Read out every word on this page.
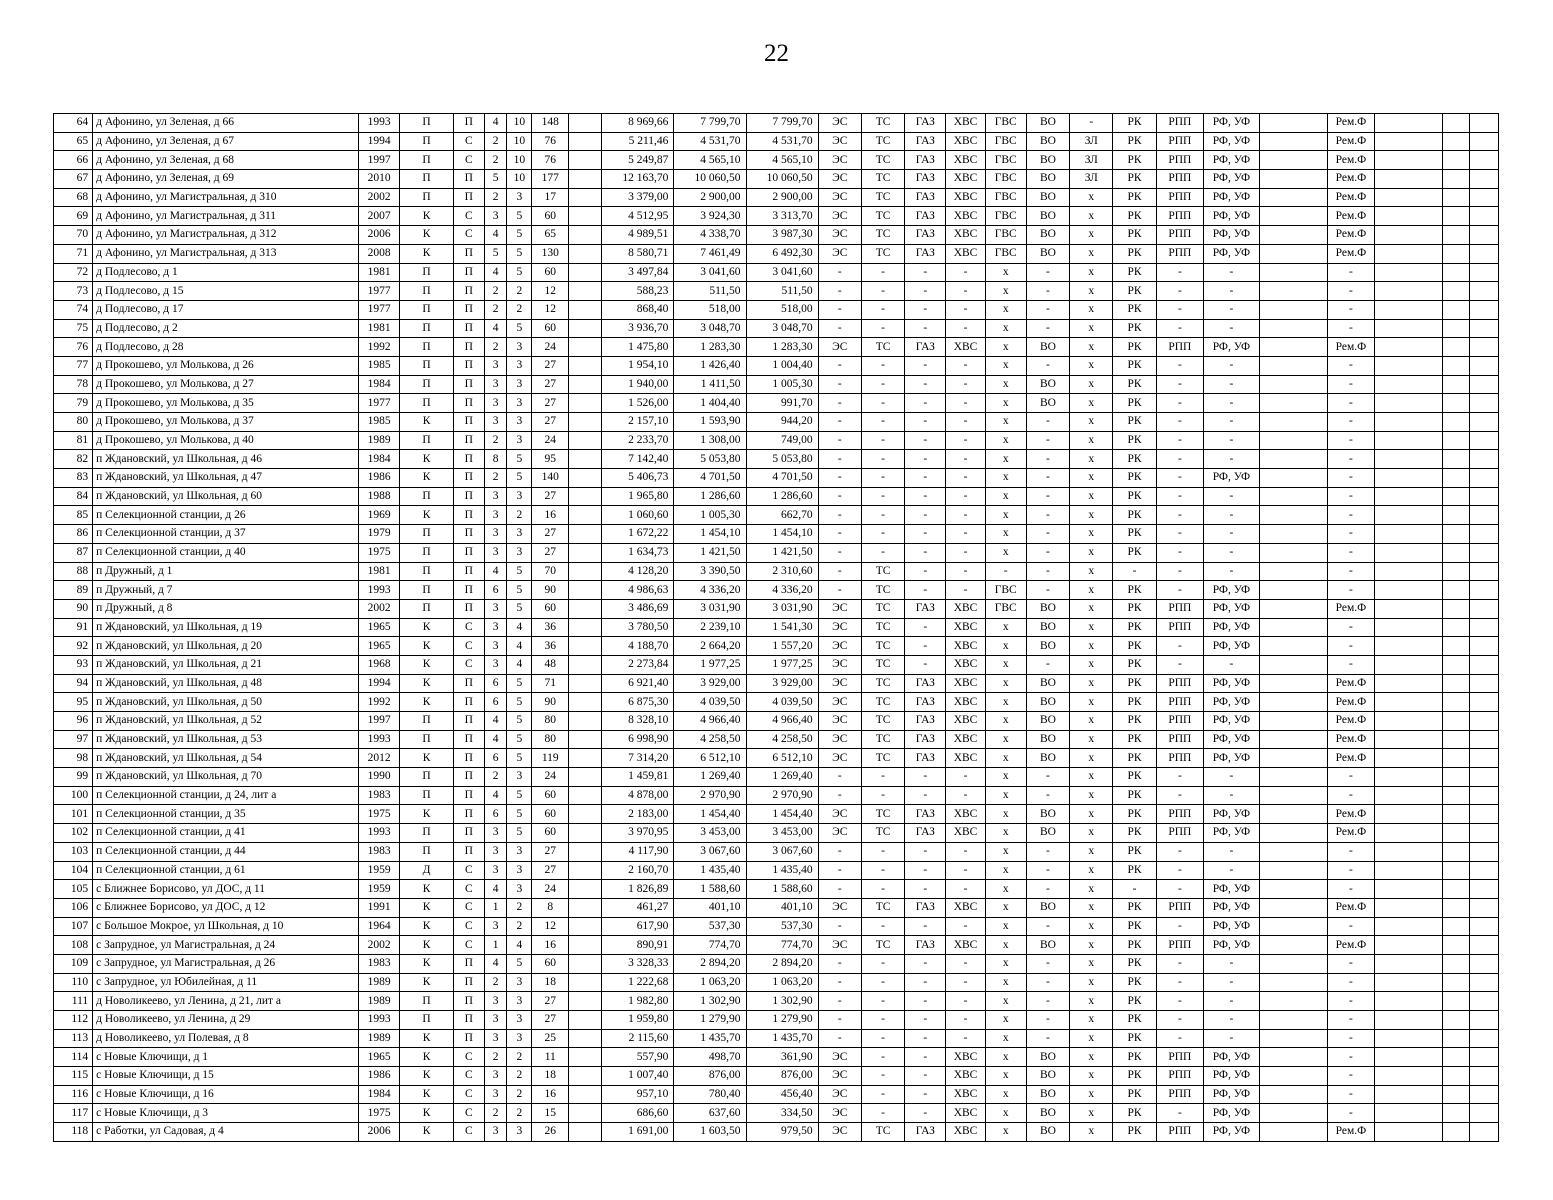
22
64	д Афонино, ул Зеленая, д 66	1993	П	П	4	10	148		8 969,66	7 799,70	7 799,70	ЭС	ТС	ГАЗ	ХВС	ГВС	ВО	-	РК	РПП	РФ, УФ		Рем.Ф			
65	д Афонино, ул Зеленая, д 67	1994	П	С	2	10	76		5 211,46	4 531,70	4 531,70	ЭС	ТС	ГАЗ	ХВС	ГВС	ВО	ЗЛ	РК	РПП	РФ, УФ		Рем.Ф			
66	д Афонино, ул Зеленая, д 68	1997	П	С	2	10	76		5 249,87	4 565,10	4 565,10	ЭС	ТС	ГАЗ	ХВС	ГВС	ВО	ЗЛ	РК	РПП	РФ, УФ		Рем.Ф			
67	д Афонино, ул Зеленая, д 69	2010	П	П	5	10	177		12 163,70	10 060,50	10 060,50	ЭС	ТС	ГАЗ	ХВС	ГВС	ВО	ЗЛ	РК	РПП	РФ, УФ		Рем.Ф			
68	д Афонино, ул Магистральная, д 310	2002	П	П	2	3	17		3 379,00	2 900,00	2 900,00	ЭС	ТС	ГАЗ	ХВС	ГВС	ВО	х	РК	РПП	РФ, УФ		Рем.Ф			
69	д Афонино, ул Магистральная, д 311	2007	К	С	3	5	60		4 512,95	3 924,30	3 313,70	ЭС	ТС	ГАЗ	ХВС	ГВС	ВО	х	РК	РПП	РФ, УФ		Рем.Ф			
70	д Афонино, ул Магистральная, д 312	2006	К	С	4	5	65		4 989,51	4 338,70	3 987,30	ЭС	ТС	ГАЗ	ХВС	ГВС	ВО	х	РК	РПП	РФ, УФ		Рем.Ф			
71	д Афонино, ул Магистральная, д 313	2008	К	П	5	5	130		8 580,71	7 461,49	6 492,30	ЭС	ТС	ГАЗ	ХВС	ГВС	ВО	х	РК	РПП	РФ, УФ		Рем.Ф			
72	д Подлесово, д 1	1981	П	П	4	5	60		3 497,84	3 041,60	3 041,60	-	-	-	-	х	-	х	РК	-	-		-			
73	д Подлесово, д 15	1977	П	П	2	2	12		588,23	511,50	511,50	-	-	-	-	х	-	х	РК	-	-		-			
74	д Подлесово, д 17	1977	П	П	2	2	12		868,40	518,00	518,00	-	-	-	-	х	-	х	РК	-	-		-			
75	д Подлесово, д 2	1981	П	П	4	5	60		3 936,70	3 048,70	3 048,70	-	-	-	-	х	-	х	РК	-	-		-			
76	д Подлесово, д 28	1992	П	П	2	3	24		1 475,80	1 283,30	1 283,30	ЭС	ТС	ГАЗ	ХВС	х	ВО	х	РК	РПП	РФ, УФ		Рем.Ф			
77	д Прокошево, ул Молькова, д 26	1985	П	П	3	3	27		1 954,10	1 426,40	1 004,40	-	-	-	-	х	-	х	РК	-	-		-			
78	д Прокошево, ул Молькова, д 27	1984	П	П	3	3	27		1 940,00	1 411,50	1 005,30	-	-	-	-	х	ВО	х	РК	-	-		-			
79	д Прокошево, ул Молькова, д 35	1977	П	П	3	3	27		1 526,00	1 404,40	991,70	-	-	-	-	х	ВО	х	РК	-	-		-			
80	д Прокошево, ул Молькова, д 37	1985	К	П	3	3	27		2 157,10	1 593,90	944,20	-	-	-	-	х	-	х	РК	-	-		-			
81	д Прокошево, ул Молькова, д 40	1989	П	П	2	3	24		2 233,70	1 308,00	749,00	-	-	-	-	х	-	х	РК	-	-		-			
82	п Ждановский, ул Школьная, д 46	1984	К	П	8	5	95		7 142,40	5 053,80	5 053,80	-	-	-	-	х	-	х	РК	-	-		-			
83	п Ждановский, ул Школьная, д 47	1986	К	П	2	5	140		5 406,73	4 701,50	4 701,50	-	-	-	-	х	-	х	РК	-	РФ, УФ		-			
84	п Ждановский, ул Школьная, д 60	1988	П	П	3	3	27		1 965,80	1 286,60	1 286,60	-	-	-	-	х	-	х	РК	-	-		-			
85	п Селекционной станции, д 26	1969	К	П	3	2	16		1 060,60	1 005,30	662,70	-	-	-	-	х	-	х	РК	-	-		-			
86	п Селекционной станции, д 37	1979	П	П	3	3	27		1 672,22	1 454,10	1 454,10	-	-	-	-	х	-	х	РК	-	-		-			
87	п Селекционной станции, д 40	1975	П	П	3	3	27		1 634,73	1 421,50	1 421,50	-	-	-	-	х	-	х	РК	-	-		-			
88	п Дружный, д 1	1981	П	П	4	5	70		4 128,20	3 390,50	2 310,60	-	ТС	-	-	-	-	х	-	-	-		-			
89	п Дружный, д 7	1993	П	П	6	5	90		4 986,63	4 336,20	4 336,20	-	ТС	-	-	ГВС	-	х	РК	-	РФ, УФ		-			
90	п Дружный, д 8	2002	П	П	3	5	60		3 486,69	3 031,90	3 031,90	ЭС	ТС	ГАЗ	ХВС	ГВС	ВО	х	РК	РПП	РФ, УФ		Рем.Ф			
91	п Ждановский, ул Школьная, д 19	1965	К	С	3	4	36		3 780,50	2 239,10	1 541,30	ЭС	ТС	-	ХВС	х	ВО	х	РК	РПП	РФ, УФ		-			
92	п Ждановский, ул Школьная, д 20	1965	К	С	3	4	36		4 188,70	2 664,20	1 557,20	ЭС	ТС	-	ХВС	х	ВО	х	РК	-	РФ, УФ		-			
93	п Ждановский, ул Школьная, д 21	1968	К	С	3	4	48		2 273,84	1 977,25	1 977,25	ЭС	ТС	-	ХВС	х	-	х	РК	-	-		-			
94	п Ждановский, ул Школьная, д 48	1994	К	П	6	5	71		6 921,40	3 929,00	3 929,00	ЭС	ТС	ГАЗ	ХВС	х	ВО	х	РК	РПП	РФ, УФ		Рем.Ф			
95	п Ждановский, ул Школьная, д 50	1992	К	П	6	5	90		6 875,30	4 039,50	4 039,50	ЭС	ТС	ГАЗ	ХВС	х	ВО	х	РК	РПП	РФ, УФ		Рем.Ф			
96	п Ждановский, ул Школьная, д 52	1997	П	П	4	5	80		8 328,10	4 966,40	4 966,40	ЭС	ТС	ГАЗ	ХВС	х	ВО	х	РК	РПП	РФ, УФ		Рем.Ф			
97	п Ждановский, ул Школьная, д 53	1993	П	П	4	5	80		6 998,90	4 258,50	4 258,50	ЭС	ТС	ГАЗ	ХВС	х	ВО	х	РК	РПП	РФ, УФ		Рем.Ф			
98	п Ждановский, ул Школьная, д 54	2012	К	П	6	5	119		7 314,20	6 512,10	6 512,10	ЭС	ТС	ГАЗ	ХВС	х	ВО	х	РК	РПП	РФ, УФ		Рем.Ф			
99	п Ждановский, ул Школьная, д 70	1990	П	П	2	3	24		1 459,81	1 269,40	1 269,40	-	-	-	-	х	-	х	РК	-	-		-			
100	п Селекционной станции, д 24, лит а	1983	П	П	4	5	60		4 878,00	2 970,90	2 970,90	-	-	-	-	х	-	х	РК	-	-		-			
101	п Селекционной станции, д 35	1975	К	П	6	5	60		2 183,00	1 454,40	1 454,40	ЭС	ТС	ГАЗ	ХВС	х	ВО	х	РК	РПП	РФ, УФ		Рем.Ф			
102	п Селекционной станции, д 41	1993	П	П	3	5	60		3 970,95	3 453,00	3 453,00	ЭС	ТС	ГАЗ	ХВС	х	ВО	х	РК	РПП	РФ, УФ		Рем.Ф			
103	п Селекционной станции, д 44	1983	П	П	3	3	27		4 117,90	3 067,60	3 067,60	-	-	-	-	х	-	х	РК	-	-		-			
104	п Селекционной станции, д 61	1959	Д	С	3	3	27		2 160,70	1 435,40	1 435,40	-	-	-	-	х	-	х	РК	-	-		-			
105	с Ближнее Борисово, ул ДОС, д 11	1959	К	С	4	3	24		1 826,89	1 588,60	1 588,60	-	-	-	-	х	-	х	-	-	РФ, УФ		-			
106	с Ближнее Борисово, ул ДОС, д 12	1991	К	С	1	2	8		461,27	401,10	401,10	ЭС	ТС	ГАЗ	ХВС	х	ВО	х	РК	РПП	РФ, УФ		Рем.Ф			
107	с Большое Мокрое, ул Школьная, д 10	1964	К	С	3	2	12		617,90	537,30	537,30	-	-	-	-	х	-	х	РК	-	РФ, УФ		-			
108	с Запрудное, ул Магистральная, д 24	2002	К	С	1	4	16		890,91	774,70	774,70	ЭС	ТС	ГАЗ	ХВС	х	ВО	х	РК	РПП	РФ, УФ		Рем.Ф			
109	с Запрудное, ул Магистральная, д 26	1983	К	П	4	5	60		3 328,33	2 894,20	2 894,20	-	-	-	-	х	-	х	РК	-	-		-			
110	с Запрудное, ул Юбилейная, д 11	1989	К	П	2	3	18		1 222,68	1 063,20	1 063,20	-	-	-	-	х	-	х	РК	-	-		-			
111	д Новоликеево, ул Ленина, д 21, лит а	1989	П	П	3	3	27		1 982,80	1 302,90	1 302,90	-	-	-	-	х	-	х	РК	-	-		-			
112	д Новоликеево, ул Ленина, д 29	1993	П	П	3	3	27		1 959,80	1 279,90	1 279,90	-	-	-	-	х	-	х	РК	-	-		-			
113	д Новоликеево, ул Полевая, д 8	1989	К	П	3	3	25		2 115,60	1 435,70	1 435,70	-	-	-	-	х	-	х	РК	-	-		-			
114	с Новые Ключищи, д 1	1965	К	С	2	2	11		557,90	498,70	361,90	ЭС	-	-	ХВС	х	ВО	х	РК	РПП	РФ, УФ		-			
115	с Новые Ключищи, д 15	1986	К	С	3	2	18		1 007,40	876,00	876,00	ЭС	-	-	ХВС	х	ВО	х	РК	РПП	РФ, УФ		-			
116	с Новые Ключищи, д 16	1984	К	С	3	2	16		957,10	780,40	456,40	ЭС	-	-	ХВС	х	ВО	х	РК	РПП	РФ, УФ		-			
117	с Новые Ключищи, д 3	1975	К	С	2	2	15		686,60	637,60	334,50	ЭС	-	-	ХВС	х	ВО	х	РК	-	РФ, УФ		-			
118	с Работки, ул Садовая, д 4	2006	К	С	3	3	26		1 691,00	1 603,50	979,50	ЭС	ТС	ГАЗ	ХВС	х	ВО	х	РК	РПП	РФ, УФ		Рем.Ф			
